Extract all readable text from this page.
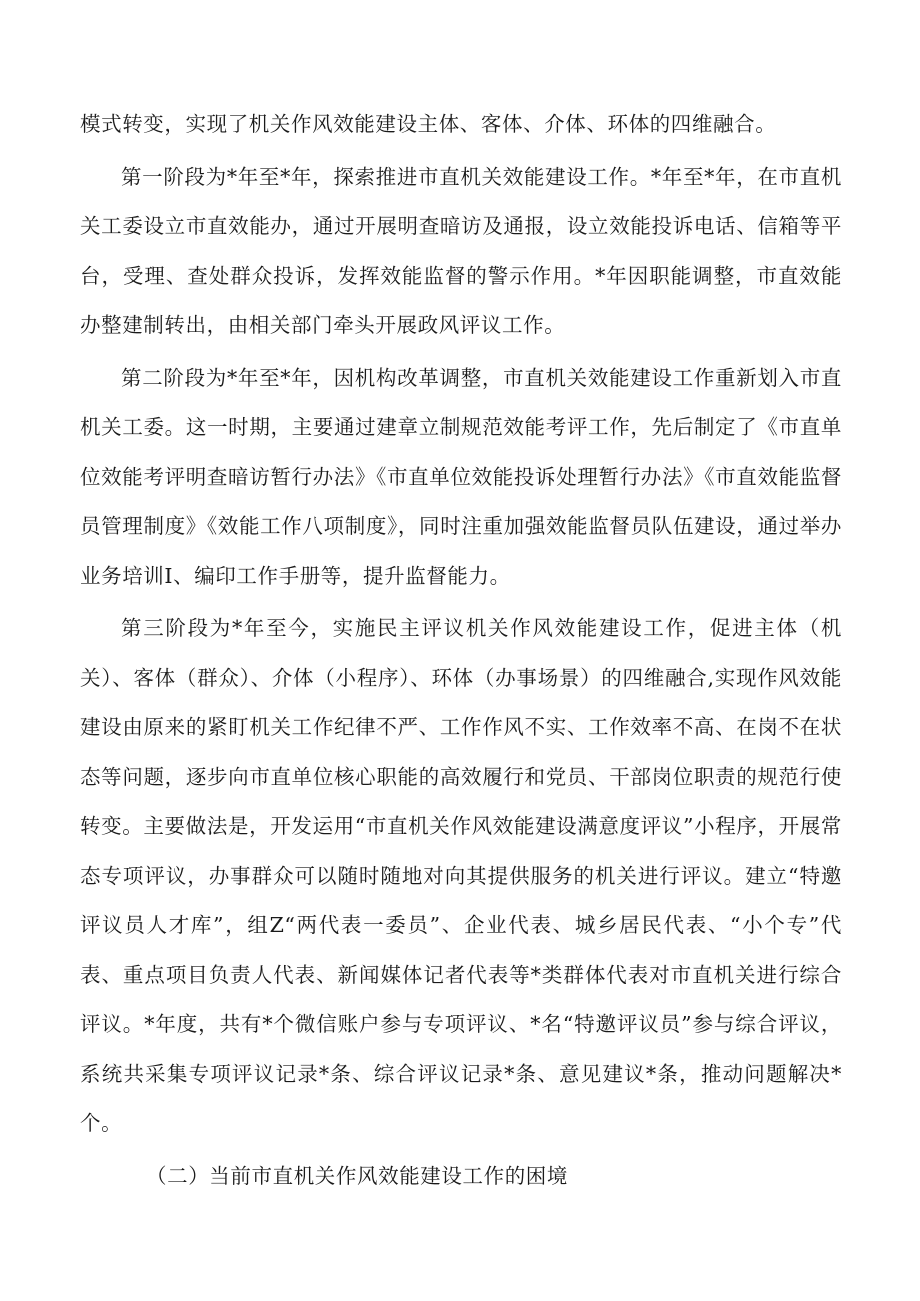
模式转变，实现了机关作风效能建设主体、客体、介体、环体的四维融合。

第一阶段为*年至*年，探索推进市直机关效能建设工作。*年至*年，在市直机关工委设立市直效能办，通过开展明查暗访及通报，设立效能投诉电话、信箱等平台，受理、查处群众投诉，发挥效能监督的警示作用。*年因职能调整，市直效能办整建制转出，由相关部门牵头开展政风评议工作。

第二阶段为*年至*年，因机构改革调整，市直机关效能建设工作重新划入市直机关工委。这一时期，主要通过建章立制规范效能考评工作，先后制定了《市直单位效能考评明查暗访暂行办法》《市直单位效能投诉处理暂行办法》《市直效能监督员管理制度》《效能工作八项制度》，同时注重加强效能监督员队伍建设，通过举办业务培训I、编印工作手册等，提升监督能力。

第三阶段为*年至今，实施民主评议机关作风效能建设工作，促进主体（机关）、客体（群众）、介体（小程序）、环体（办事场景）的四维融合,实现作风效能建设由原来的紧盯机关工作纪律不严、工作作风不实、工作效率不高、在岗不在状态等问题，逐步向市直单位核心职能的高效履行和党员、干部岗位职责的规范行使转变。主要做法是，开发运用“市直机关作风效能建设满意度评议”小程序，开展常态专项评议，办事群众可以随时随地对向其提供服务的机关进行评议。建立“特邀评议员人才库”，组Z“两代表一委员”、企业代表、城乡居民代表、“小个专”代表、重点项目负责人代表、新闻媒体记者代表等*类群体代表对市直机关进行综合评议。*年度，共有*个微信账户参与专项评议、*名“特邀评议员”参与综合评议，系统共采集专项评议记录*条、综合评议记录*条、意见建议*条，推动问题解决*个。

（二）当前市直机关作风效能建设工作的困境
